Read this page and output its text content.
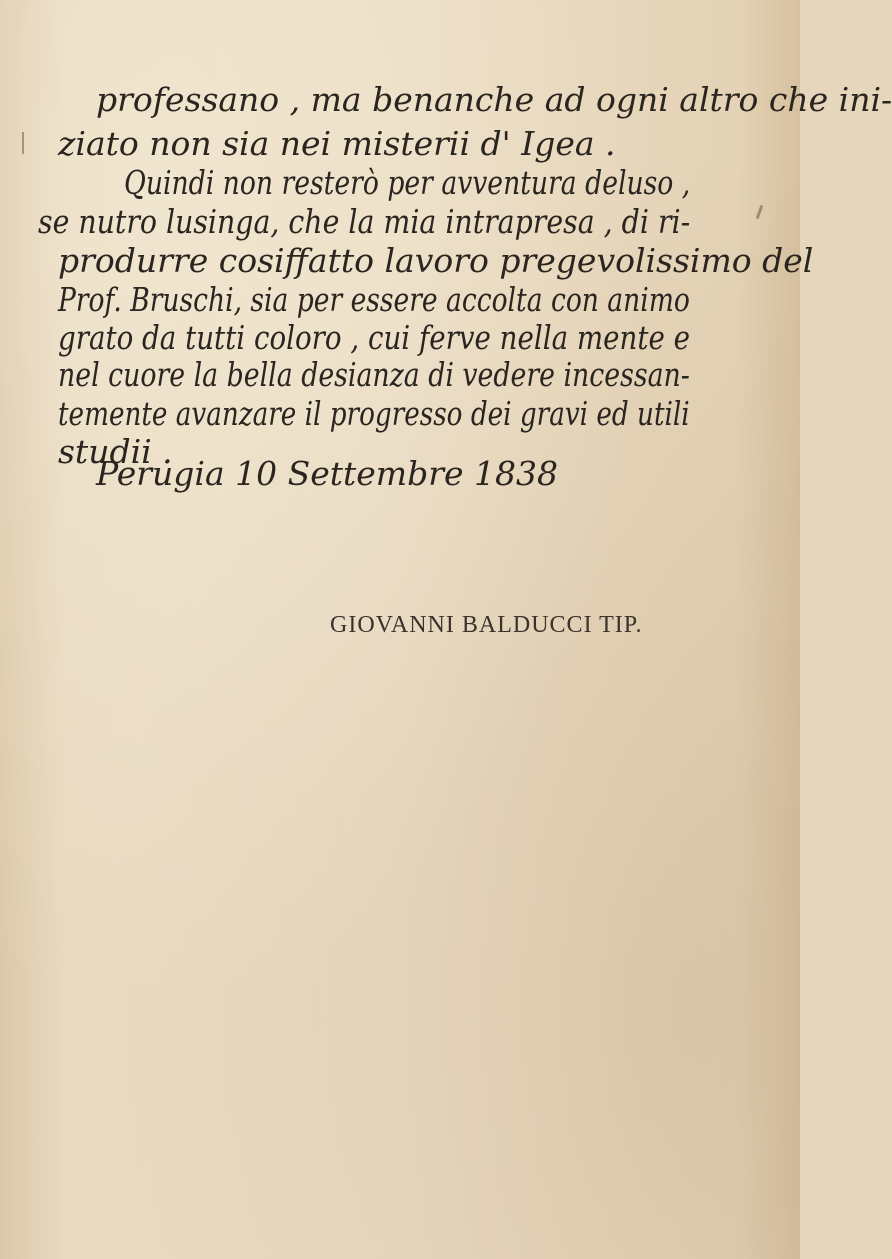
professano , ma benanche ad ogni altro che ini-

ziato non sia nei misterii d' Igea .

Quindi non resterò per avventura deluso ,

se nutro lusinga, che la mia intrapresa , di ri-

produrre cosiffatto lavoro pregevolissimo del

Prof. Bruschi, sia per essere accolta con animo

grato da tutti coloro , cui ferve nella mente e

nel cuore la bella desianza di vedere incessan-

temente avanzare il progresso dei gravi ed utili

studii .

Perugia 10 Settembre 1838

GIOVANNI BALDUCCI TIP.
